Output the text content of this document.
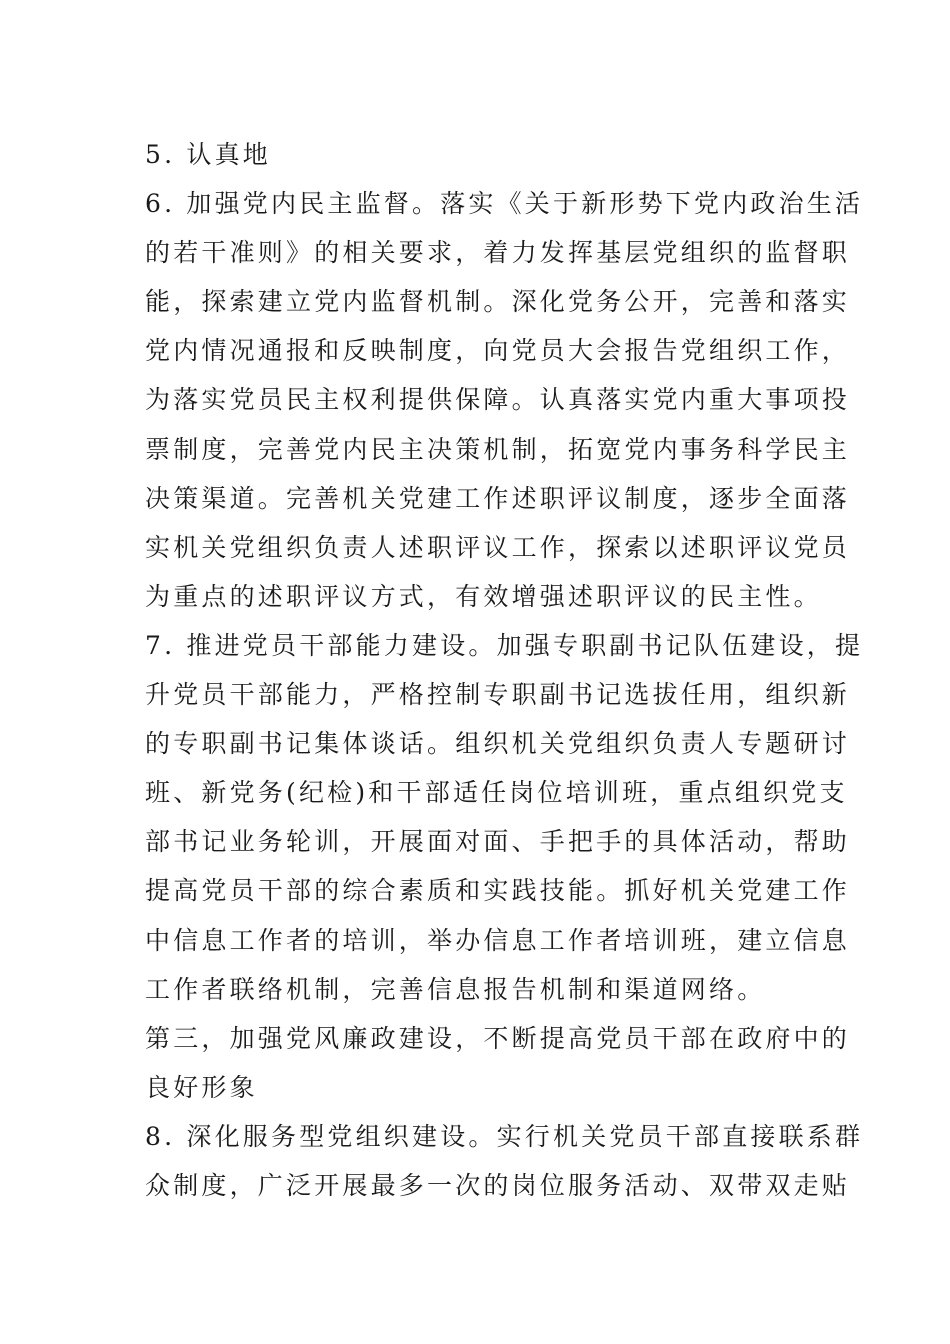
5. 认真地
6. 加强党内民主监督。落实《关于新形势下党内政治生活
的若干准则》的相关要求，着力发挥基层党组织的监督职
能，探索建立党内监督机制。深化党务公开，完善和落实
党内情况通报和反映制度，向党员大会报告党组织工作，
为落实党员民主权利提供保障。认真落实党内重大事项投
票制度，完善党内民主决策机制，拓宽党内事务科学民主
决策渠道。完善机关党建工作述职评议制度，逐步全面落
实机关党组织负责人述职评议工作，探索以述职评议党员
为重点的述职评议方式，有效增强述职评议的民主性。
7. 推进党员干部能力建设。加强专职副书记队伍建设，提
升党员干部能力，严格控制专职副书记选拔任用，组织新
的专职副书记集体谈话。组织机关党组织负责人专题研讨
班、新党务(纪检)和干部适任岗位培训班，重点组织党支
部书记业务轮训，开展面对面、手把手的具体活动，帮助
提高党员干部的综合素质和实践技能。抓好机关党建工作
中信息工作者的培训，举办信息工作者培训班，建立信息
工作者联络机制，完善信息报告机制和渠道网络。
第三，加强党风廉政建设，不断提高党员干部在政府中的
良好形象
8. 深化服务型党组织建设。实行机关党员干部直接联系群
众制度，广泛开展最多一次的岗位服务活动、双带双走贴
